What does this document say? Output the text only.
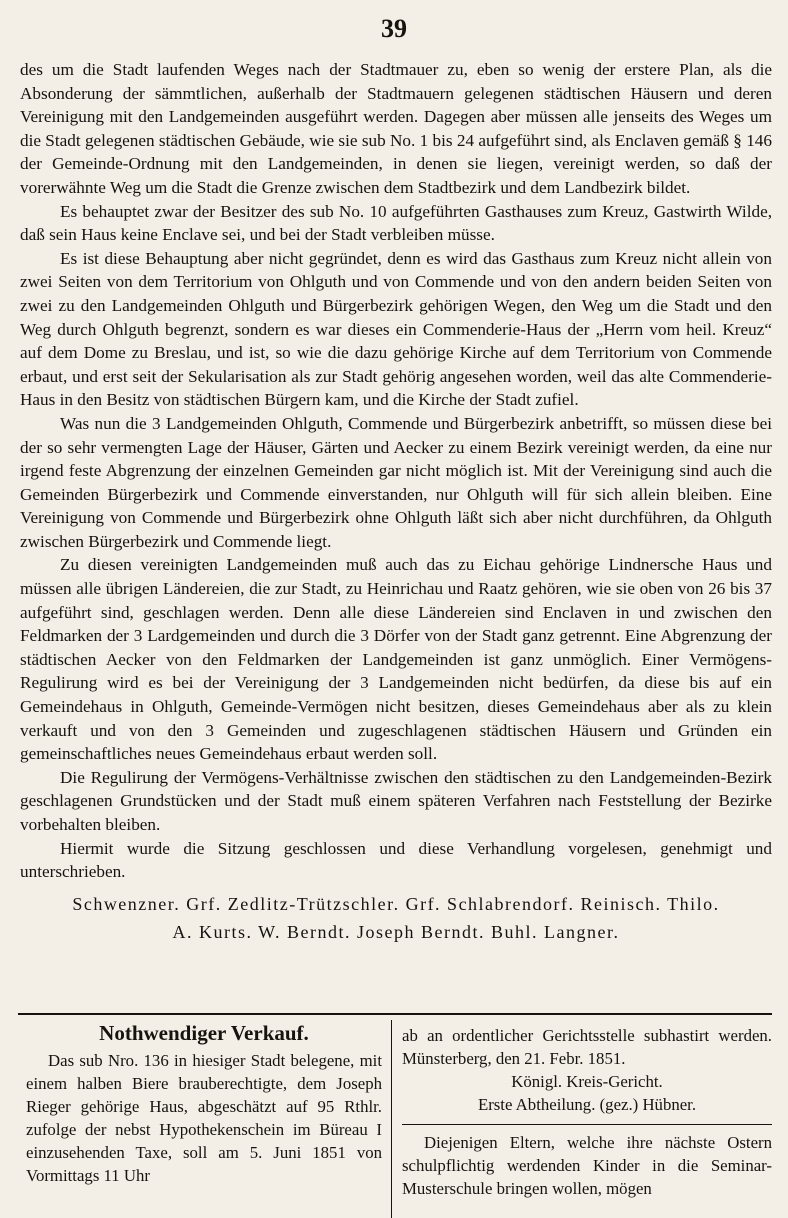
39

des um die Stadt laufenden Weges nach der Stadtmauer zu, eben so wenig der erstere Plan, als die Absonderung der sämmtlichen, außerhalb der Stadtmauern gelegenen städtischen Häusern und deren Vereinigung mit den Landgemeinden ausgeführt werden. Dagegen aber müssen alle jenseits des Weges um die Stadt gelegenen städtischen Gebäude, wie sie sub No. 1 bis 24 aufgeführt sind, als Enclaven gemäß § 146 der Gemeinde-Ordnung mit den Landgemeinden, in denen sie liegen, vereinigt werden, so daß der vorerwähnte Weg um die Stadt die Grenze zwischen dem Stadtbezirk und dem Landbezirk bildet.

Es behauptet zwar der Besitzer des sub No. 10 aufgeführten Gasthauses zum Kreuz, Gastwirth Wilde, daß sein Haus keine Enclave sei, und bei der Stadt verbleiben müsse.

Es ist diese Behauptung aber nicht gegründet, denn es wird das Gasthaus zum Kreuz nicht allein von zwei Seiten von dem Territorium von Ohlguth und von Commende und von den andern beiden Seiten von zwei zu den Landgemeinden Ohlguth und Bürgerbezirk gehörigen Wegen, den Weg um die Stadt und den Weg durch Ohlguth begrenzt, sondern es war dieses ein Commenderie-Haus der „Herrn vom heil. Kreuz“ auf dem Dome zu Breslau, und ist, so wie die dazu gehörige Kirche auf dem Territorium von Commende erbaut, und erst seit der Sekularisation als zur Stadt gehörig angesehen worden, weil das alte Commenderie-Haus in den Besitz von städtischen Bürgern kam, und die Kirche der Stadt zufiel.

Was nun die 3 Landgemeinden Ohlguth, Commende und Bürgerbezirk anbetrifft, so müssen diese bei der so sehr vermengten Lage der Häuser, Gärten und Aecker zu einem Bezirk vereinigt werden, da eine nur irgend feste Abgrenzung der einzelnen Gemeinden gar nicht möglich ist. Mit der Vereinigung sind auch die Gemeinden Bürgerbezirk und Commende einverstanden, nur Ohlguth will für sich allein bleiben. Eine Vereinigung von Commende und Bürgerbezirk ohne Ohlguth läßt sich aber nicht durchführen, da Ohlguth zwischen Bürgerbezirk und Commende liegt.

Zu diesen vereinigten Landgemeinden muß auch das zu Eichau gehörige Lindnersche Haus und müssen alle übrigen Ländereien, die zur Stadt, zu Heinrichau und Raatz gehören, wie sie oben von 26 bis 37 aufgeführt sind, geschlagen werden. Denn alle diese Ländereien sind Enclaven in und zwischen den Feldmarken der 3 Lardgemeinden und durch die 3 Dörfer von der Stadt ganz getrennt. Eine Abgrenzung der städtischen Aecker von den Feldmarken der Landgemeinden ist ganz unmöglich. Einer Vermögens-Regulirung wird es bei der Vereinigung der 3 Landgemeinden nicht bedürfen, da diese bis auf ein Gemeindehaus in Ohlguth, Gemeinde-Vermögen nicht besitzen, dieses Gemeindehaus aber als zu klein verkauft und von den 3 Gemeinden und zugeschlagenen städtischen Häusern und Gründen ein gemeinschaftliches neues Gemeindehaus erbaut werden soll.

Die Regulirung der Vermögens-Verhältnisse zwischen den städtischen zu den Landgemeinden-Bezirk geschlagenen Grundstücken und der Stadt muß einem späteren Verfahren nach Feststellung der Bezirke vorbehalten bleiben.

Hiermit wurde die Sitzung geschlossen und diese Verhandlung vorgelesen, genehmigt und unterschrieben.

Schwenzner. Grf. Zedlitz-Trützschler. Grf. Schlabrendorf. Reinisch. Thilo.
A. Kurts. W. Berndt. Joseph Berndt. Buhl. Langner.
Nothwendiger Verkauf.

Das sub Nro. 136 in hiesiger Stadt belegene, mit einem halben Biere brauberechtigte, dem Joseph Rieger gehörige Haus, abgeschätzt auf 95 Rthlr. zufolge der nebst Hypothekenschein im Büreau I einzusehenden Taxe, soll am 5. Juni 1851 von Vormittags 11 Uhr

ab an ordentlicher Gerichtsstelle subhastirt werden. Münsterberg, den 21. Febr. 1851.

Königl. Kreis-Gericht.

Erste Abtheilung. (gez.) Hübner.

Diejenigen Eltern, welche ihre nächste Ostern schulpflichtig werdenden Kinder in die Seminar-Musterschule bringen wollen, mögen
